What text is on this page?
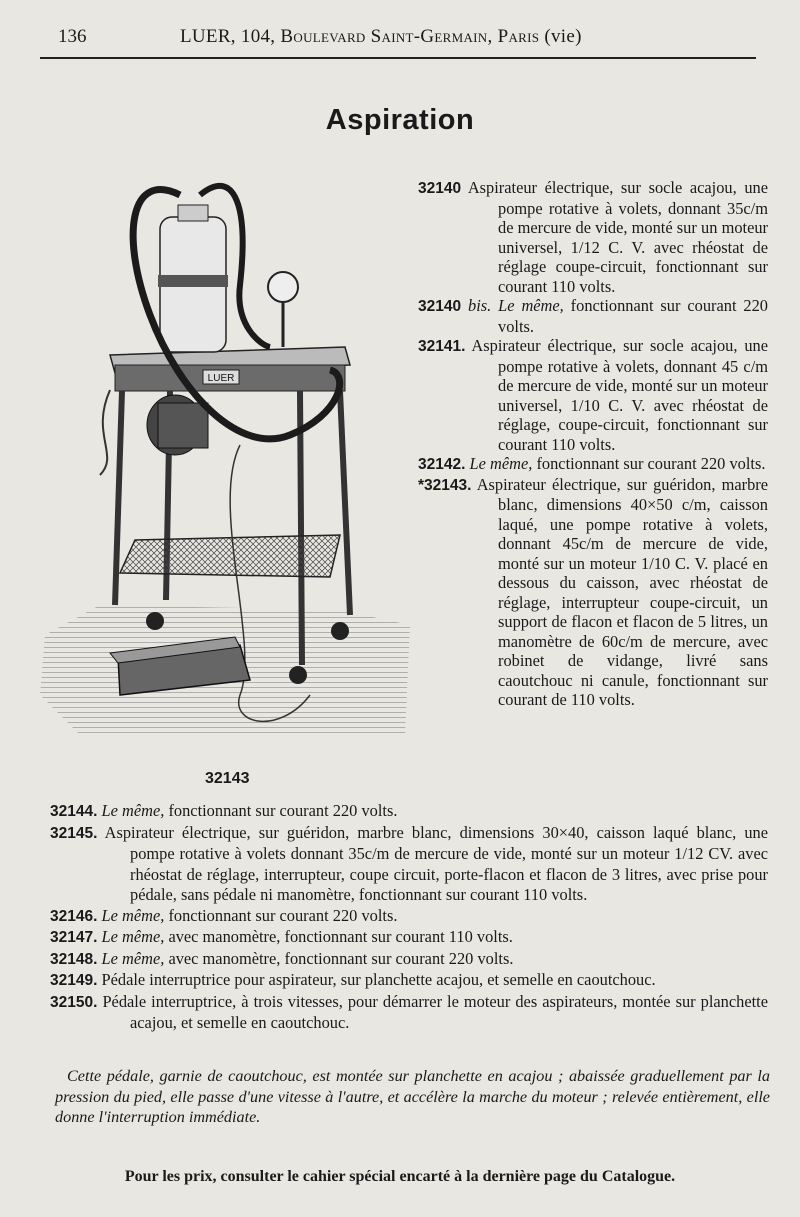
136	LUER, 104, Boulevard Saint-Germain, Paris (vie)
Aspiration
LUER
32143
32140 Aspirateur électrique, sur socle acajou, une pompe rotative à volets, donnant 35c/m de mercure de vide, monté sur un moteur universel, 1/12 C. V. avec rhéostat de réglage coupe-circuit, fonctionnant sur courant 110 volts.
32140 bis. Le même, fonctionnant sur courant 220 volts.
32141. Aspirateur électrique, sur socle acajou, une pompe rotative à volets, donnant 45 c/m de mercure de vide, monté sur un moteur universel, 1/10 C. V. avec rhéostat de réglage, coupe-circuit, fonctionnant sur courant 110 volts.
32142. Le même, fonctionnant sur courant 220 volts.
*32143. Aspirateur électrique, sur guéridon, marbre blanc, dimensions 40×50 c/m, caisson laqué, une pompe rotative à volets, donnant 45c/m de mercure de vide, monté sur un moteur 1/10 C. V. placé en dessous du caisson, avec rhéostat de réglage, interrupteur coupe-circuit, un support de flacon et flacon de 5 litres, un manomètre de 60c/m de mercure, avec robinet de vidange, livré sans caoutchouc ni canule, fonctionnant sur courant de 110 volts.
32144. Le même, fonctionnant sur courant 220 volts.
32145. Aspirateur électrique, sur guéridon, marbre blanc, dimensions 30×40, caisson laqué blanc, une pompe rotative à volets donnant 35c/m de mercure de vide, monté sur un moteur 1/12 CV. avec rhéostat de réglage, interrupteur, coupe circuit, porte-flacon et flacon de 3 litres, avec prise pour pédale, sans pédale ni manomètre, fonctionnant sur courant 110 volts.
32146. Le même, fonctionnant sur courant 220 volts.
32147. Le même, avec manomètre, fonctionnant sur courant 110 volts.
32148. Le même, avec manomètre, fonctionnant sur courant 220 volts.
32149. Pédale interruptrice pour aspirateur, sur planchette acajou, et semelle en caoutchouc.
32150. Pédale interruptrice, à trois vitesses, pour démarrer le moteur des aspirateurs, montée sur planchette acajou, et semelle en caoutchouc.
Cette pédale, garnie de caoutchouc, est montée sur planchette en acajou ; abaissée graduellement par la pression du pied, elle passe d'une vitesse à l'autre, et accélère la marche du moteur ; relevée entièrement, elle donne l'interruption immédiate.
Pour les prix, consulter le cahier spécial encarté à la dernière page du Catalogue.
